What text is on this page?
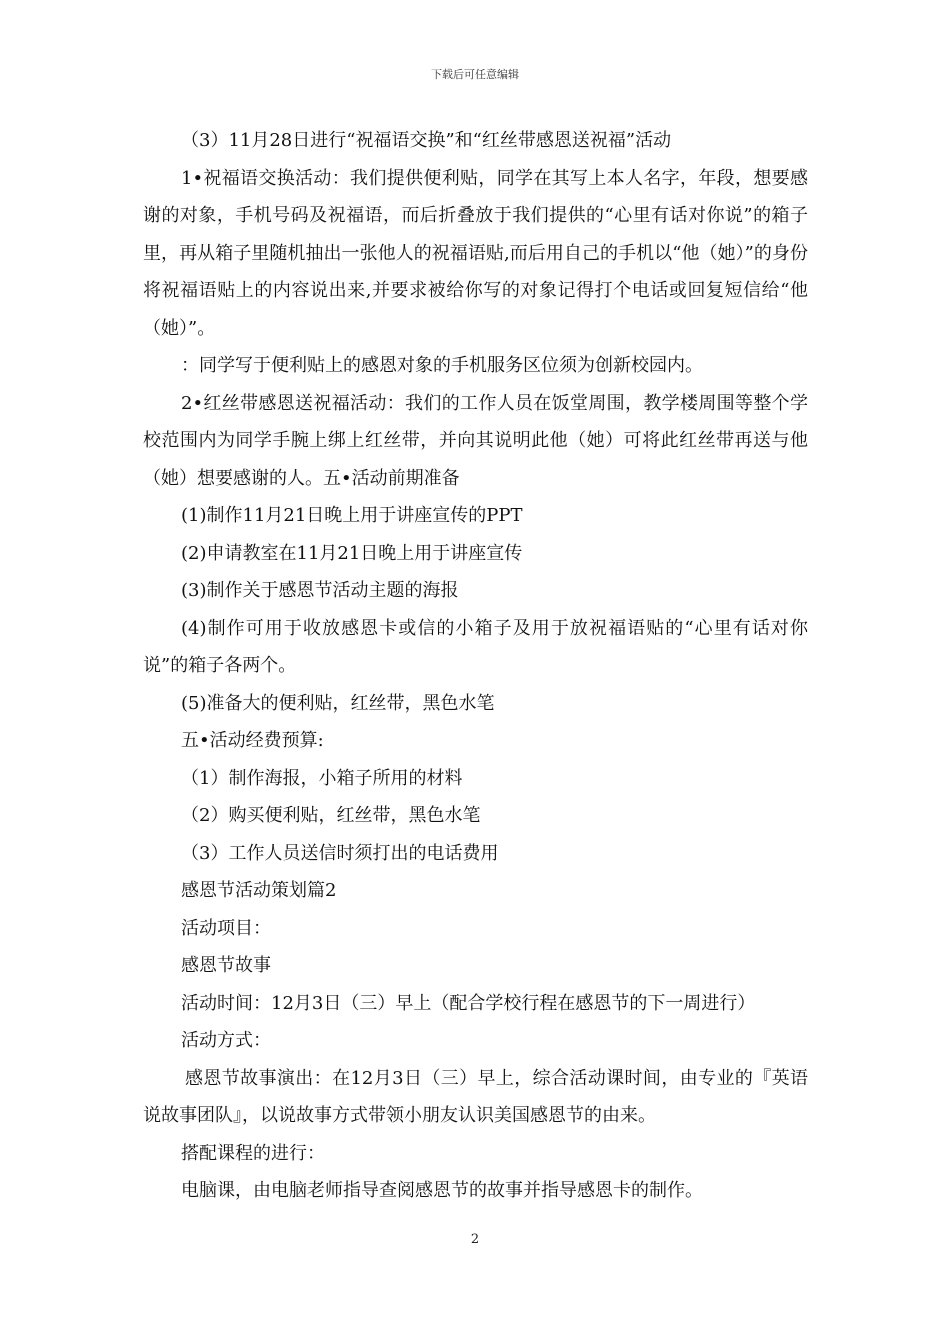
下载后可任意编辑

（3）11月28日进行“祝福语交换”和“红丝带感恩送祝福”活动

1•祝福语交换活动：我们提供便利贴，同学在其写上本人名字，年段，想要感谢的对象，手机号码及祝福语，而后折叠放于我们提供的“心里有话对你说”的箱子里，再从箱子里随机抽出一张他人的祝福语贴,而后用自己的手机以“他（她）”的身份将祝福语贴上的内容说出来,并要求被给你写的对象记得打个电话或回复短信给“他（她）”。

：同学写于便利贴上的感恩对象的手机服务区位须为创新校园内。

2•红丝带感恩送祝福活动：我们的工作人员在饭堂周围，教学楼周围等整个学校范围内为同学手腕上绑上红丝带，并向其说明此他（她）可将此红丝带再送与他（她）想要感谢的人。五•活动前期准备

(1)制作11月21日晚上用于讲座宣传的PPT

(2)申请教室在11月21日晚上用于讲座宣传

(3)制作关于感恩节活动主题的海报

(4)制作可用于收放感恩卡或信的小箱子及用于放祝福语贴的“心里有话对你说”的箱子各两个。

(5)准备大的便利贴，红丝带，黑色水笔

五•活动经费预算:

（1）制作海报，小箱子所用的材料

（2）购买便利贴，红丝带，黑色水笔

（3）工作人员送信时须打出的电话费用

感恩节活动策划篇2

活动项目：

感恩节故事

活动时间：12月3日（三）早上（配合学校行程在感恩节的下一周进行）

活动方式：

感恩节故事演出：在12月3日（三）早上，综合活动课时间，由专业的『英语说故事团队』，以说故事方式带领小朋友认识美国感恩节的由来。

搭配课程的进行：

电脑课，由电脑老师指导查阅感恩节的故事并指导感恩卡的制作。

2
